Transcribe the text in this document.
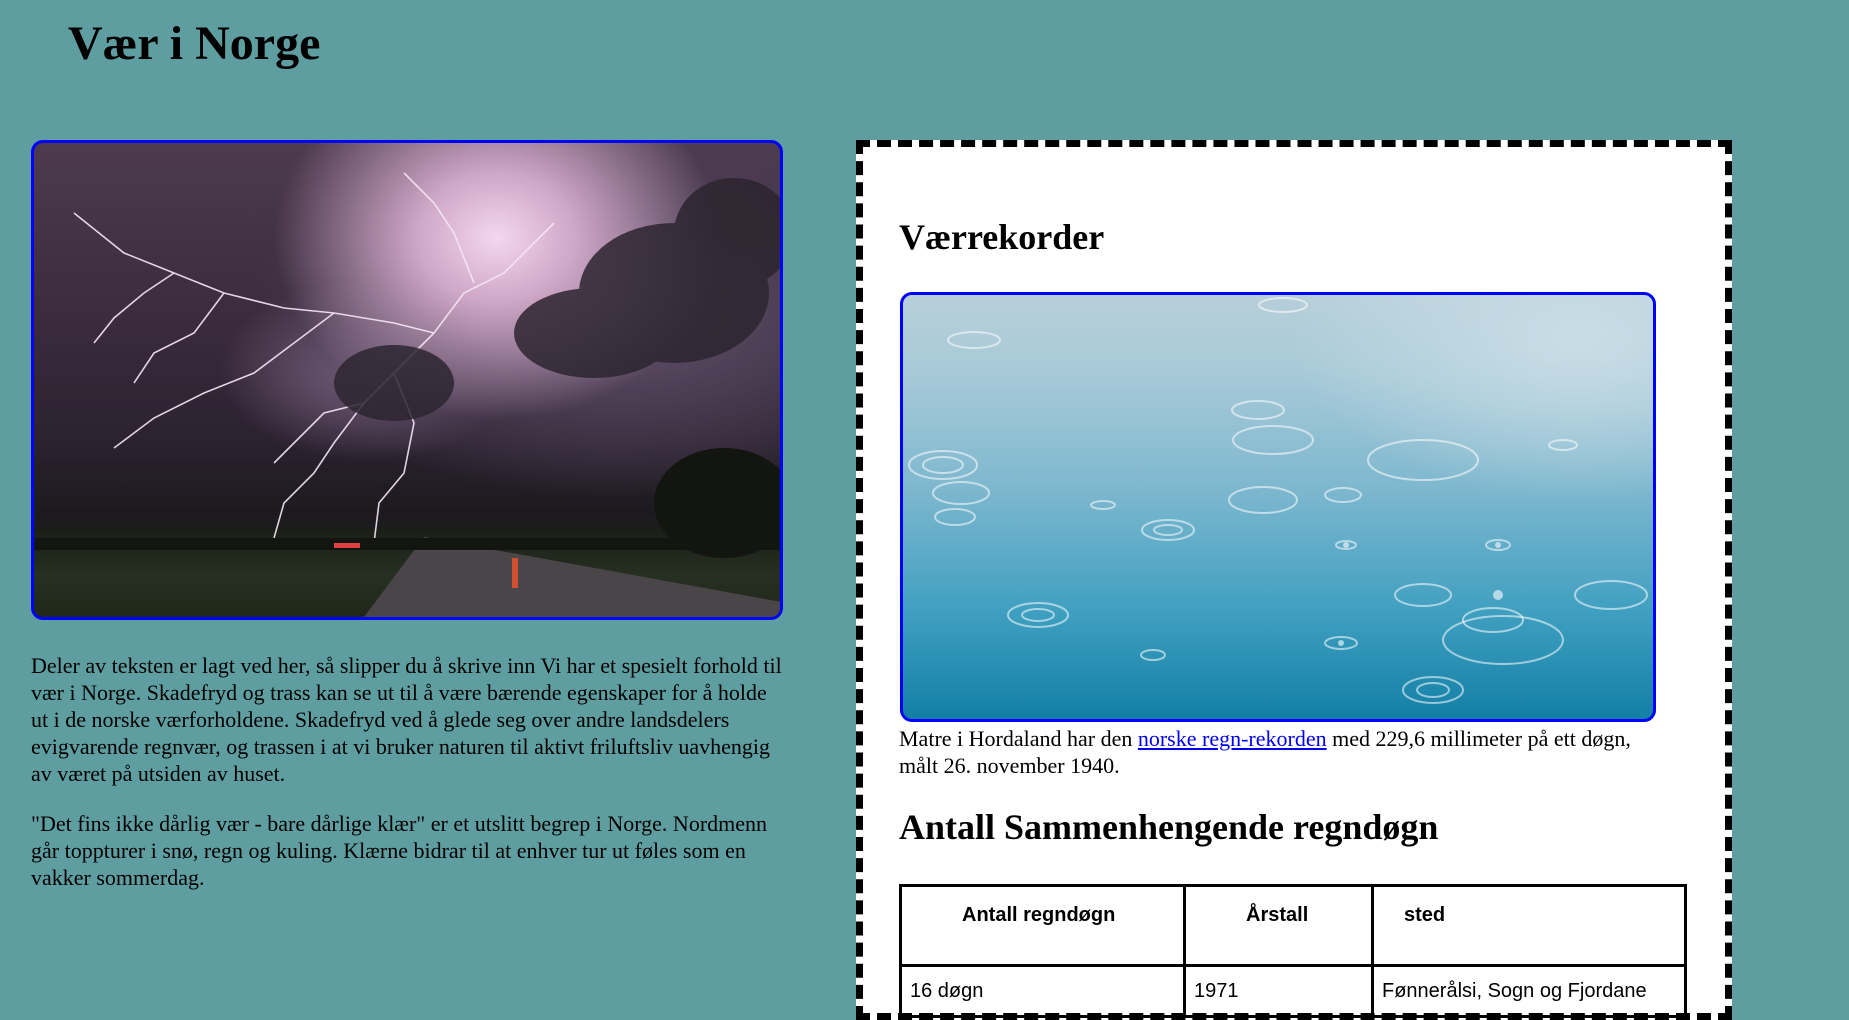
Vær i Norge

Deler av teksten er lagt ved her, så slipper du å skrive inn Vi har et spesielt forhold til vær i Norge. Skadefryd og trass kan se ut til å være bærende egenskaper for å holde ut i de norske værforholdene. Skadefryd ved å glede seg over andre landsdelers evigvarende regnvær, og trassen i at vi bruker naturen til aktivt friluftsliv uavhengig av været på utsiden av huset.

"Det fins ikke dårlig vær - bare dårlige klær" er et utslitt begrep i Norge. Nordmenn går toppturer i snø, regn og kuling. Klærne bidrar til at enhver tur ut føles som en vakker sommerdag.

Værrekorder

Matre i Hordaland har den norske regn-rekorden med 229,6 millimeter på ett døgn, målt 26. november 1940.

Antall Sammenhengende regndøgn
Antall regndøgn	Årstall	sted
16 døgn	1971	Fønnerålsi, Sogn og Fjordane
